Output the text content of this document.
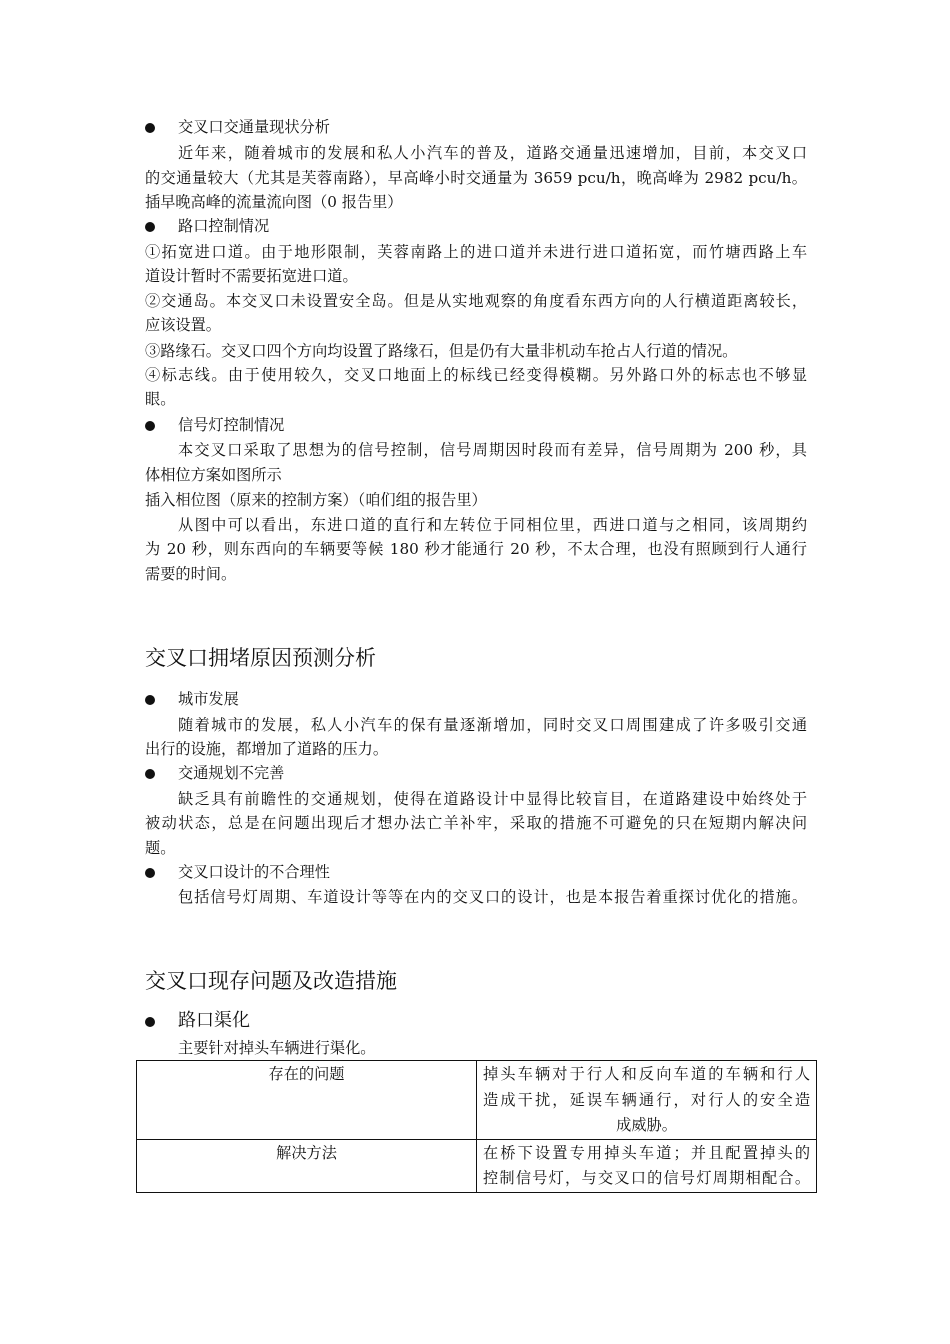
交叉口交通量现状分析
近年来，随着城市的发展和私人小汽车的普及，道路交通量迅速增加，目前，本交叉口
的交通量较大（尤其是芙蓉南路），早高峰小时交通量为 3659 pcu/h，晚高峰为 2982 pcu/h。
插早晚高峰的流量流向图（0 报告里）
路口控制情况
①拓宽进口道。由于地形限制，芙蓉南路上的进口道并未进行进口道拓宽，而竹塘西路上车
道设计暂时不需要拓宽进口道。
②交通岛。本交叉口未设置安全岛。但是从实地观察的角度看东西方向的人行横道距离较长，
应该设置。
③路缘石。交叉口四个方向均设置了路缘石，但是仍有大量非机动车抢占人行道的情况。
④标志线。由于使用较久，交叉口地面上的标线已经变得模糊。另外路口外的标志也不够显
眼。
信号灯控制情况
本交叉口采取了思想为的信号控制，信号周期因时段而有差异，信号周期为 200 秒，具
体相位方案如图所示
插入相位图（原来的控制方案）（咱们组的报告里）
从图中可以看出，东进口道的直行和左转位于同相位里，西进口道与之相同，该周期约
为 20 秒，则东西向的车辆要等候 180 秒才能通行 20 秒，不太合理，也没有照顾到行人通行
需要的时间。
交叉口拥堵原因预测分析
城市发展
随着城市的发展，私人小汽车的保有量逐渐增加，同时交叉口周围建成了许多吸引交通
出行的设施，都增加了道路的压力。
交通规划不完善
缺乏具有前瞻性的交通规划，使得在道路设计中显得比较盲目，在道路建设中始终处于
被动状态，总是在问题出现后才想办法亡羊补牢，采取的措施不可避免的只在短期内解决问
题。
交叉口设计的不合理性
包括信号灯周期、车道设计等等在内的交叉口的设计，也是本报告着重探讨优化的措施。
交叉口现存问题及改造措施
路口渠化
主要针对掉头车辆进行渠化。
存在的问题	掉头车辆对于行人和反向车道的车辆和行人
造成干扰，延误车辆通行，对行人的安全造
成威胁。

解决方法	在桥下设置专用掉头车道；并且配置掉头的
控制信号灯，与交叉口的信号灯周期相配合。
